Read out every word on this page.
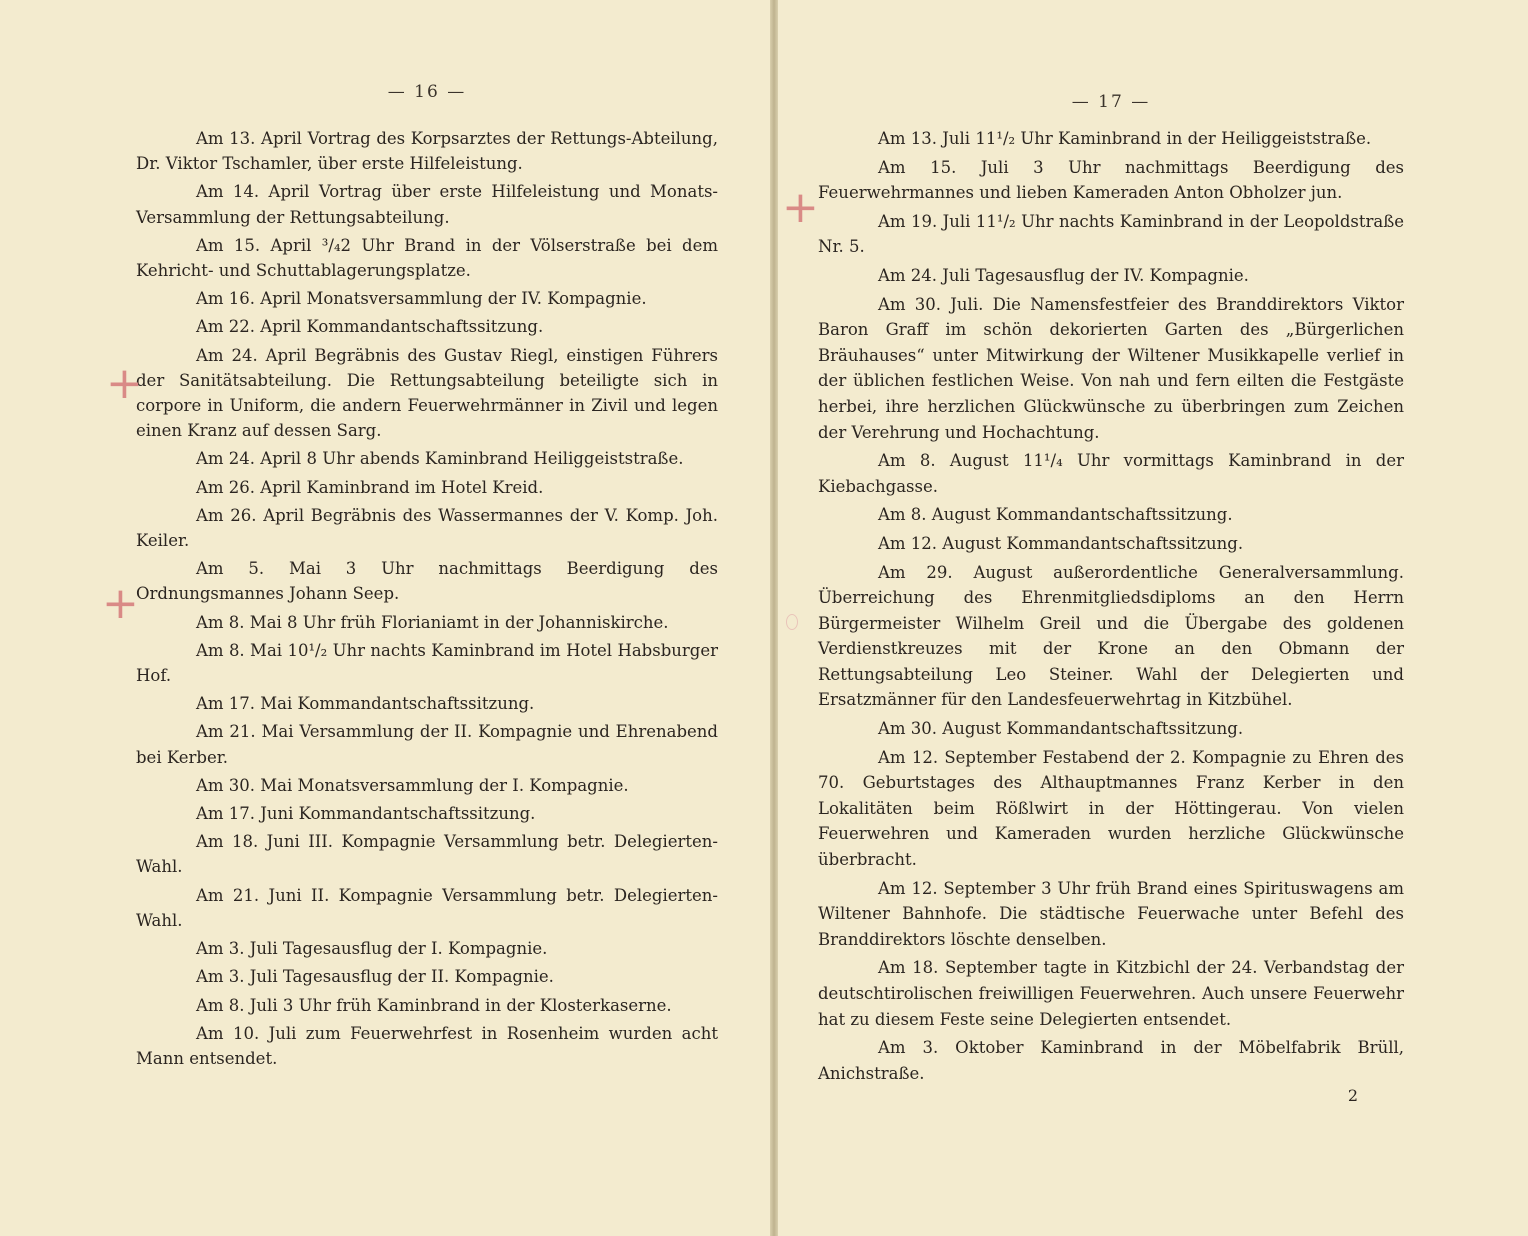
— 16 —

Am 13. April Vortrag des Korpsarztes der Rettungs-Abteilung, Dr. Viktor Tschamler, über erste Hilfeleistung.

Am 14. April Vortrag über erste Hilfeleistung und Monats-Versammlung der Rettungsabteilung.

Am 15. April ³/₄2 Uhr Brand in der Völserstraße bei dem Kehricht- und Schuttablagerungsplatze.

Am 16. April Monatsversammlung der IV. Kompagnie.

Am 22. April Kommandantschaftssitzung.

Am 24. April Begräbnis des Gustav Riegl, einstigen Führers der Sanitätsabteilung. Die Rettungsabteilung beteiligte sich in corpore in Uniform, die andern Feuerwehrmänner in Zivil und legen einen Kranz auf dessen Sarg.

Am 24. April 8 Uhr abends Kaminbrand Heiliggeiststraße.

Am 26. April Kaminbrand im Hotel Kreid.

Am 26. April Begräbnis des Wassermannes der V. Komp. Joh. Keiler.

Am 5. Mai 3 Uhr nachmittags Beerdigung des Ordnungsmannes Johann Seep.

Am 8. Mai 8 Uhr früh Florianiamt in der Johanniskirche.

Am 8. Mai 10¹/₂ Uhr nachts Kaminbrand im Hotel Habsburger Hof.

Am 17. Mai Kommandantschaftssitzung.

Am 21. Mai Versammlung der II. Kompagnie und Ehrenabend bei Kerber.

Am 30. Mai Monatsversammlung der I. Kompagnie.

Am 17. Juni Kommandantschaftssitzung.

Am 18. Juni III. Kompagnie Versammlung betr. Delegierten-Wahl.

Am 21. Juni II. Kompagnie Versammlung betr. Delegierten-Wahl.

Am 3. Juli Tagesausflug der I. Kompagnie.

Am 3. Juli Tagesausflug der II. Kompagnie.

Am 8. Juli 3 Uhr früh Kaminbrand in der Klosterkaserne.

Am 10. Juli zum Feuerwehrfest in Rosenheim wurden acht Mann entsendet.

+
+
— 17 —

Am 13. Juli 11¹/₂ Uhr Kaminbrand in der Heiliggeiststraße.

Am 15. Juli 3 Uhr nachmittags Beerdigung des Feuerwehrmannes und lieben Kameraden Anton Obholzer jun.

Am 19. Juli 11¹/₂ Uhr nachts Kaminbrand in der Leopoldstraße Nr. 5.

Am 24. Juli Tagesausflug der IV. Kompagnie.

Am 30. Juli. Die Namensfestfeier des Branddirektors Viktor Baron Graff im schön dekorierten Garten des „Bürgerlichen Bräuhauses“ unter Mitwirkung der Wiltener Musikkapelle verlief in der üblichen festlichen Weise. Von nah und fern eilten die Festgäste herbei, ihre herzlichen Glückwünsche zu überbringen zum Zeichen der Verehrung und Hochachtung.

Am 8. August 11¹/₄ Uhr vormittags Kaminbrand in der Kiebachgasse.

Am 8. August Kommandantschaftssitzung.

Am 12. August Kommandantschaftssitzung.

Am 29. August außerordentliche Generalversammlung. Überreichung des Ehrenmitgliedsdiploms an den Herrn Bürgermeister Wilhelm Greil und die Übergabe des goldenen Verdienstkreuzes mit der Krone an den Obmann der Rettungsabteilung Leo Steiner. Wahl der Delegierten und Ersatzmänner für den Landesfeuerwehrtag in Kitzbühel.

Am 30. August Kommandantschaftssitzung.

Am 12. September Festabend der 2. Kompagnie zu Ehren des 70. Geburtstages des Althauptmannes Franz Kerber in den Lokalitäten beim Rößlwirt in der Höttingerau. Von vielen Feuerwehren und Kameraden wurden herzliche Glückwünsche überbracht.

Am 12. September 3 Uhr früh Brand eines Spirituswagens am Wiltener Bahnhofe. Die städtische Feuerwache unter Befehl des Branddirektors löschte denselben.

Am 18. September tagte in Kitzbichl der 24. Verbandstag der deutschtirolischen freiwilligen Feuerwehren. Auch unsere Feuerwehr hat zu diesem Feste seine Delegierten entsendet.

Am 3. Oktober Kaminbrand in der Möbelfabrik Brüll, Anichstraße.

2
+
